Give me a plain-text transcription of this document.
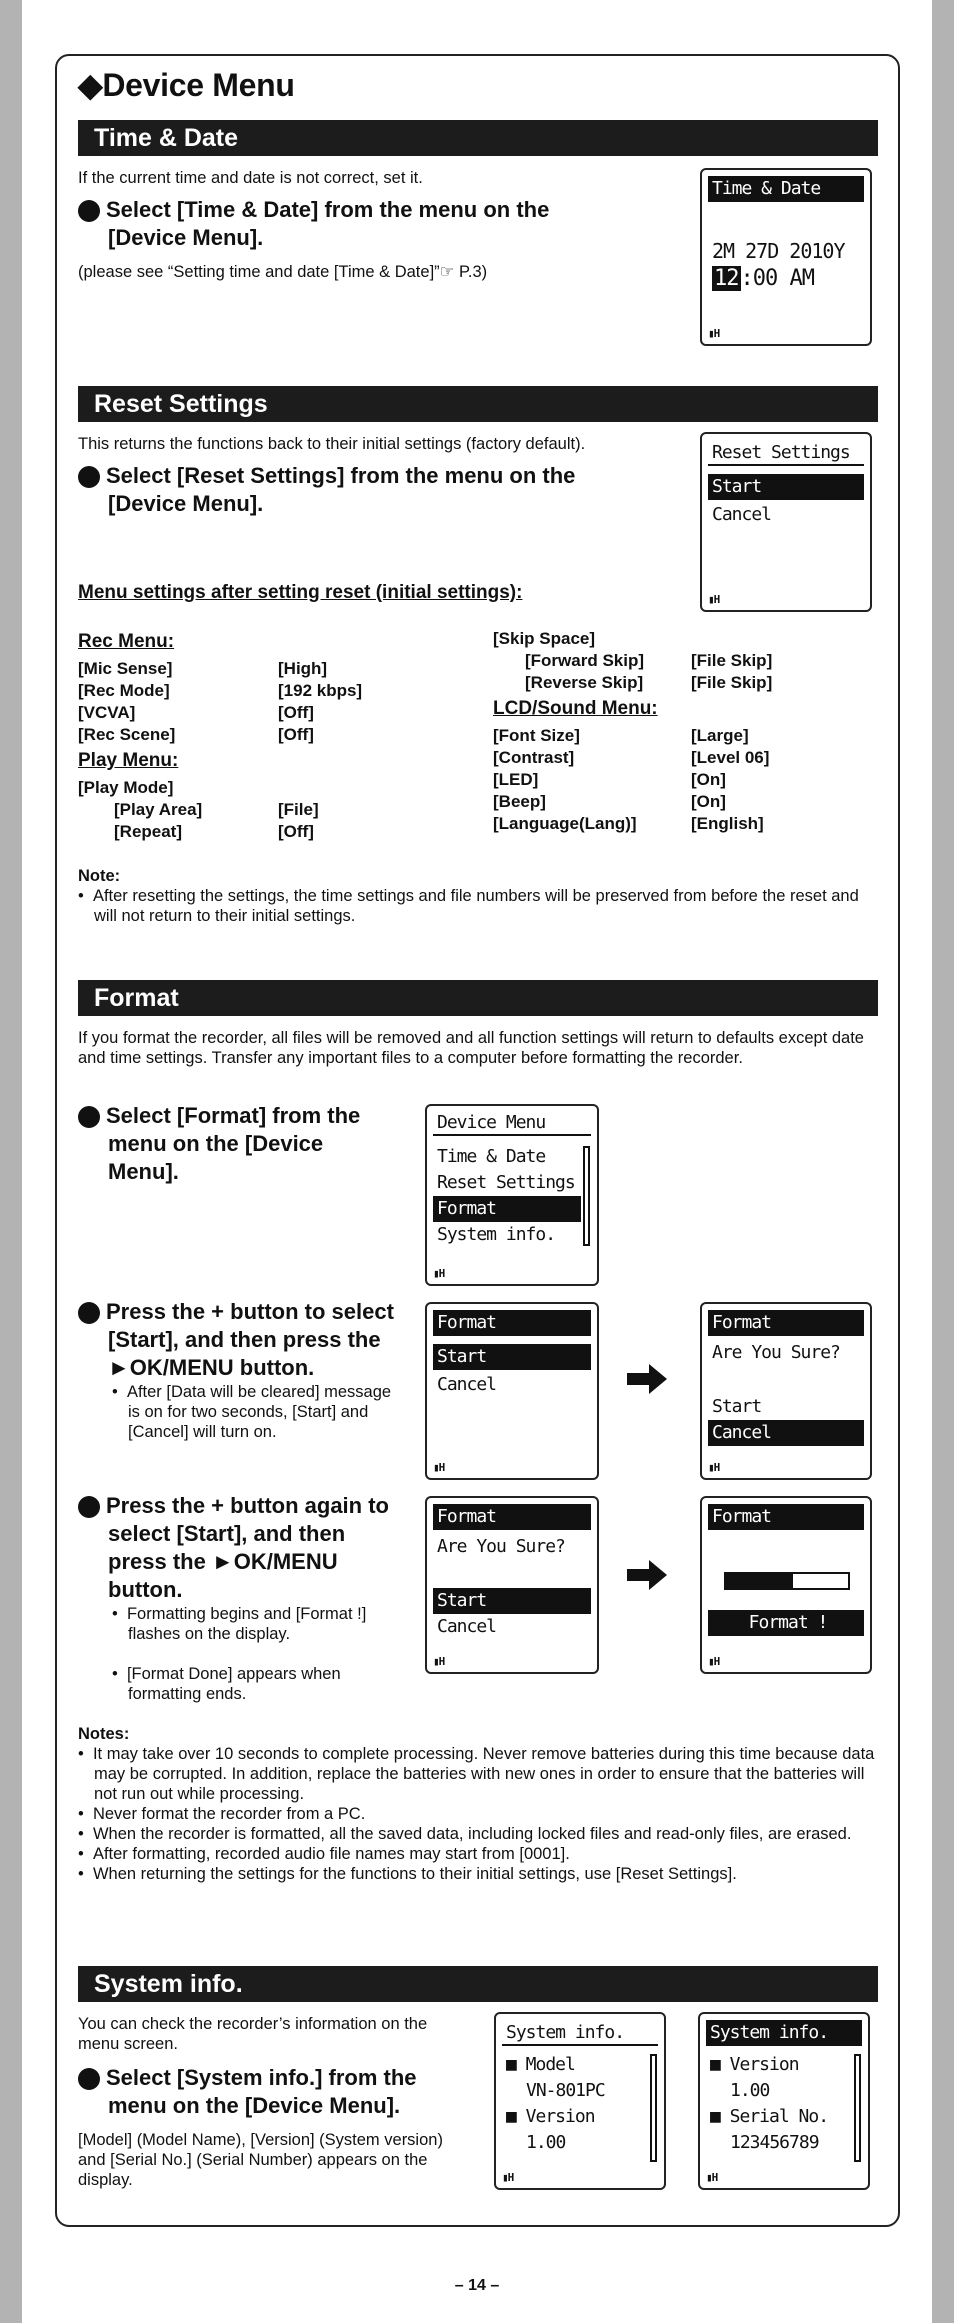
◆Device Menu
Time & Date
If the current time and date is not correct, set it.
1 Select [Time & Date] from the menu on the [Device Menu].
(please see “Setting time and date [Time & Date]”☞ P.3)
Time & Date
2M 27D 2010Y
12:00 AM
▮H
Reset Settings
This returns the functions back to their initial settings (factory default).
1 Select [Reset Settings] from the menu on the [Device Menu].
Reset Settings
Start
Cancel
▮H
Menu settings after setting reset (initial settings):
Rec Menu:
[Mic Sense]	[High]
[Rec Mode]	[192 kbps]
[VCVA]	[Off]
[Rec Scene]	[Off]
Play Menu:
[Play Mode]
[Play Area]	[File]
[Repeat]	[Off]
[Skip Space]
[Forward Skip]	[File Skip]
[Reverse Skip]	[File Skip]
LCD/Sound Menu:
[Font Size]	[Large]
[Contrast]	[Level 06]
[LED]	[On]
[Beep]	[On]
[Language(Lang)]	[English]
Note:
•  After resetting the settings, the time settings and file numbers will be preserved from before the reset and will not return to their initial settings.
Format
If you format the recorder, all files will be removed and all function settings will return to defaults except date and time settings. Transfer any important files to a computer before formatting the recorder.
1 Select [Format] from the menu on the [Device Menu].
Device Menu
Time & Date
Reset Settings
Format
System info.
▮H
2 Press the + button to select [Start], and then press the ►OK/MENU button.
•  After [Data will be cleared] message is on for two seconds, [Start] and [Cancel] will turn on.
Format
Start
Cancel
▮H
Format
Are You Sure?
Start
Cancel
▮H
3 Press the + button again to select [Start], and then press the ►OK/MENU button.
•  Formatting begins and [Format !] flashes on the display.
•  [Format Done] appears when formatting ends.
Format
Are You Sure?
Start
Cancel
▮H
Format
Format !
▮H
Notes:
•  It may take over 10 seconds to complete processing. Never remove batteries during this time because data may be corrupted. In addition, replace the batteries with new ones in order to ensure that the batteries will not run out while processing.
•  Never format the recorder from a PC.
•  When the recorder is formatted, all the saved data, including locked files and read-only files, are erased.
•  After formatting, recorded audio file names may start from [0001].
•  When returning the settings for the functions to their initial settings, use [Reset Settings].
System info.
You can check the recorder’s information on the menu screen.
1 Select [System info.] from the menu on the [Device Menu].
[Model] (Model Name), [Version] (System version) and [Serial No.] (Serial Number) appears on the display.
System info.
■ Model
VN-801PC
■ Version
1.00
▮H
System info.
■ Version
1.00
■ Serial No.
123456789
▮H
– 14 –
